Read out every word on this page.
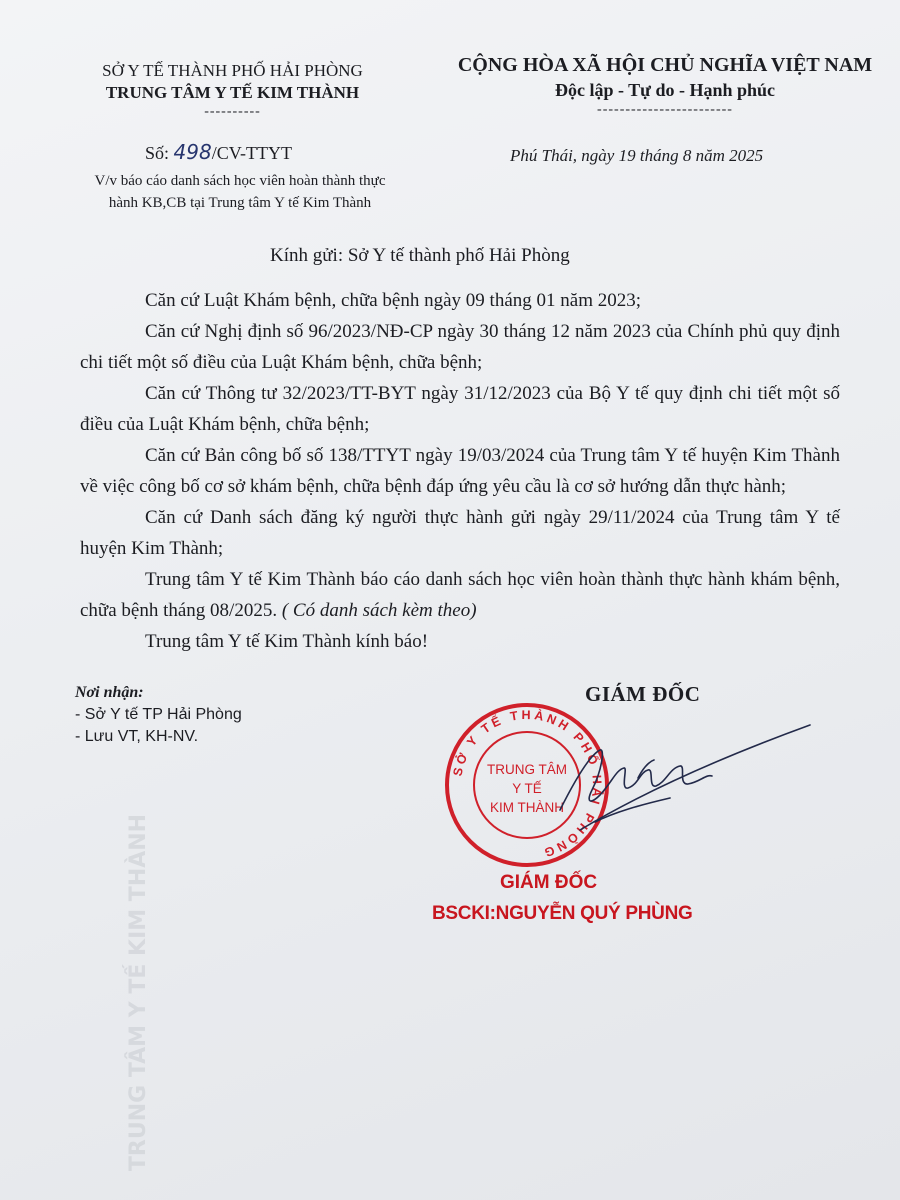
TRUNG TÂM Y TẾ KIM THÀNH
SỞ Y TẾ THÀNH PHỐ HẢI PHÒNG
TRUNG TÂM Y TẾ KIM THÀNH
----------
CỘNG HÒA XÃ HỘI CHỦ NGHĨA VIỆT NAM
Độc lập - Tự do - Hạnh phúc
------------------------
Số: 498/CV-TTYT
V/v báo cáo danh sách học viên hoàn thành thực
hành KB,CB tại Trung tâm Y tế Kim Thành
Phú Thái, ngày 19 tháng 8 năm 2025
Kính gửi: Sở Y tế thành phố Hải Phòng

Căn cứ Luật Khám bệnh, chữa bệnh ngày 09 tháng 01 năm 2023;

Căn cứ Nghị định số 96/2023/NĐ-CP ngày 30 tháng 12 năm 2023 của Chính phủ quy định chi tiết một số điều của Luật Khám bệnh, chữa bệnh;

Căn cứ Thông tư 32/2023/TT-BYT ngày 31/12/2023 của Bộ Y tế quy định chi tiết một số điều của Luật Khám bệnh, chữa bệnh;

Căn cứ Bản công bố số 138/TTYT ngày 19/03/2024 của Trung tâm Y tế huyện Kim Thành về việc công bố cơ sở khám bệnh, chữa bệnh đáp ứng yêu cầu là cơ sở hướng dẫn thực hành;

Căn cứ Danh sách đăng ký người thực hành gửi ngày 29/11/2024 của Trung tâm Y tế huyện Kim Thành;

Trung tâm Y tế Kim Thành báo cáo danh sách học viên hoàn thành thực hành khám bệnh, chữa bệnh tháng 08/2025. ( Có danh sách kèm theo)

Trung tâm Y tế Kim Thành kính báo!

Nơi nhận:
- Sở Y tế TP Hải Phòng
- Lưu VT, KH-NV.
GIÁM ĐỐC
SỞ Y TẾ THÀNH PHỐ HẢI PHÒNG
TRUNG TÂM
Y TẾ
KIM THÀNH
GIÁM ĐỐC
BSCKI:NGUYỄN QUÝ PHÙNG
